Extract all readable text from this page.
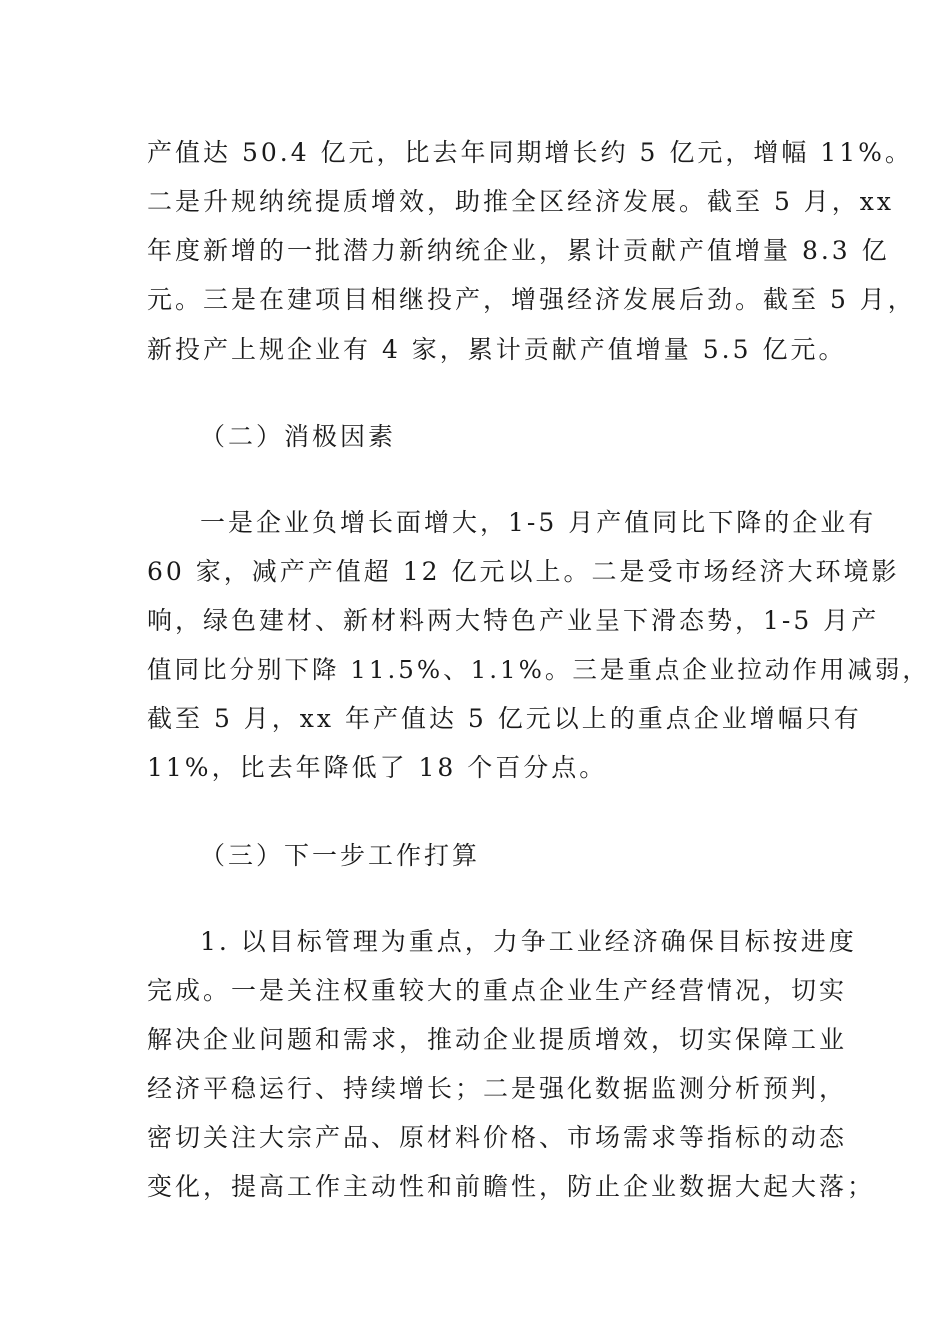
产值达 50.4 亿元，比去年同期增长约 5 亿元，增幅 11%。
二是升规纳统提质增效，助推全区经济发展。截至 5 月，xx
年度新增的一批潜力新纳统企业，累计贡献产值增量 8.3 亿
元。三是在建项目相继投产，增强经济发展后劲。截至 5 月，
新投产上规企业有 4 家，累计贡献产值增量 5.5 亿元。
（二）消极因素
一是企业负增长面增大，1-5 月产值同比下降的企业有
60 家，减产产值超 12 亿元以上。二是受市场经济大环境影
响，绿色建材、新材料两大特色产业呈下滑态势，1-5 月产
值同比分别下降 11.5%、1.1%。三是重点企业拉动作用减弱，
截至 5 月，xx 年产值达 5 亿元以上的重点企业增幅只有
11%，比去年降低了 18 个百分点。
（三）下一步工作打算
1. 以目标管理为重点，力争工业经济确保目标按进度
完成。一是关注权重较大的重点企业生产经营情况，切实
解决企业问题和需求，推动企业提质增效，切实保障工业
经济平稳运行、持续增长；二是强化数据监测分析预判，
密切关注大宗产品、原材料价格、市场需求等指标的动态
变化，提高工作主动性和前瞻性，防止企业数据大起大落；
